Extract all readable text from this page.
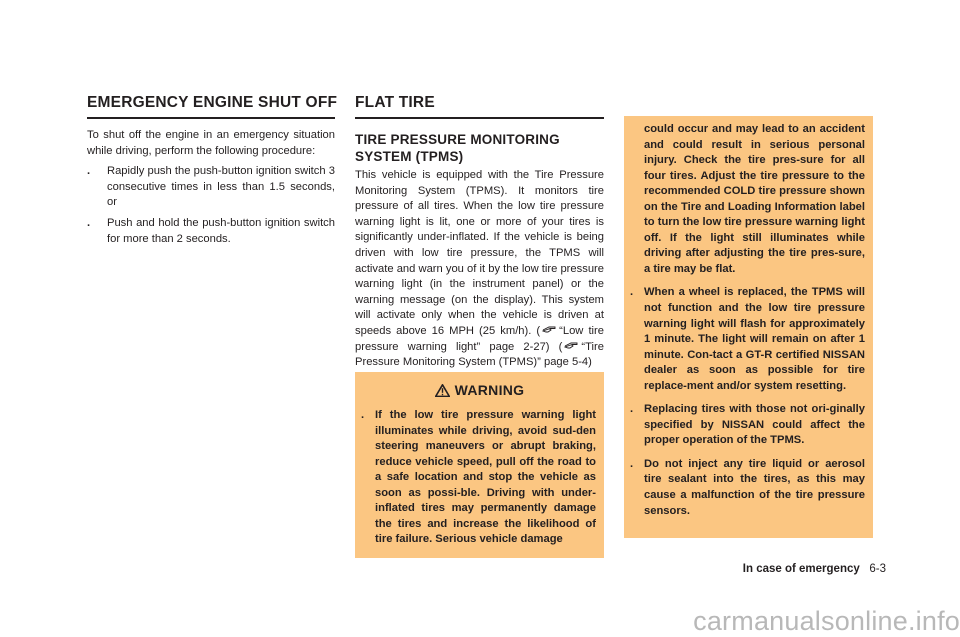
EMERGENCY ENGINE SHUT OFF

To shut off the engine in an emergency situation while driving, perform the following procedure:

. Rapidly push the push-button ignition switch 3 consecutive times in less than 1.5 seconds, or
. Push and hold the push-button ignition switch for more than 2 seconds.
FLAT TIRE
TIRE PRESSURE MONITORING SYSTEM (TPMS)

This vehicle is equipped with the Tire Pressure Monitoring System (TPMS). It monitors tire pressure of all tires. When the low tire pressure warning light is lit, one or more of your tires is significantly under-inflated. If the vehicle is being driven with low tire pressure, the TPMS will activate and warn you of it by the low tire pressure warning light (in the instrument panel) or the warning message (on the display). This system will activate only when the vehicle is driven at speeds above 16 MPH (25 km/h). ( “Low tire pressure warning light” page 2-27) ( “Tire Pressure Monitoring System (TPMS)” page 5-4)

WARNING
. If the low tire pressure warning light illuminates while driving, avoid sud-den steering maneuvers or abrupt braking, reduce vehicle speed, pull off the road to a safe location and stop the vehicle as soon as possi-ble. Driving with under-inflated tires may permanently damage the tires and increase the likelihood of tire failure. Serious vehicle damage
could occur and may lead to an accident and could result in serious personal injury. Check the tire pres-sure for all four tires. Adjust the tire pressure to the recommended COLD tire pressure shown on the Tire and Loading Information label to turn the low tire pressure warning light off. If the light still illuminates while driving after adjusting the tire pres-sure, a tire may be flat.
. When a wheel is replaced, the TPMS will not function and the low tire pressure warning light will flash for approximately 1 minute. The light will remain on after 1 minute. Con-tact a GT-R certified NISSAN dealer as soon as possible for tire replace-ment and/or system resetting.
. Replacing tires with those not ori-ginally specified by NISSAN could affect the proper operation of the TPMS.
. Do not inject any tire liquid or aerosol tire sealant into the tires, as this may cause a malfunction of the tire pressure sensors.
In case of emergency 6-3
carmanualsonline.info
